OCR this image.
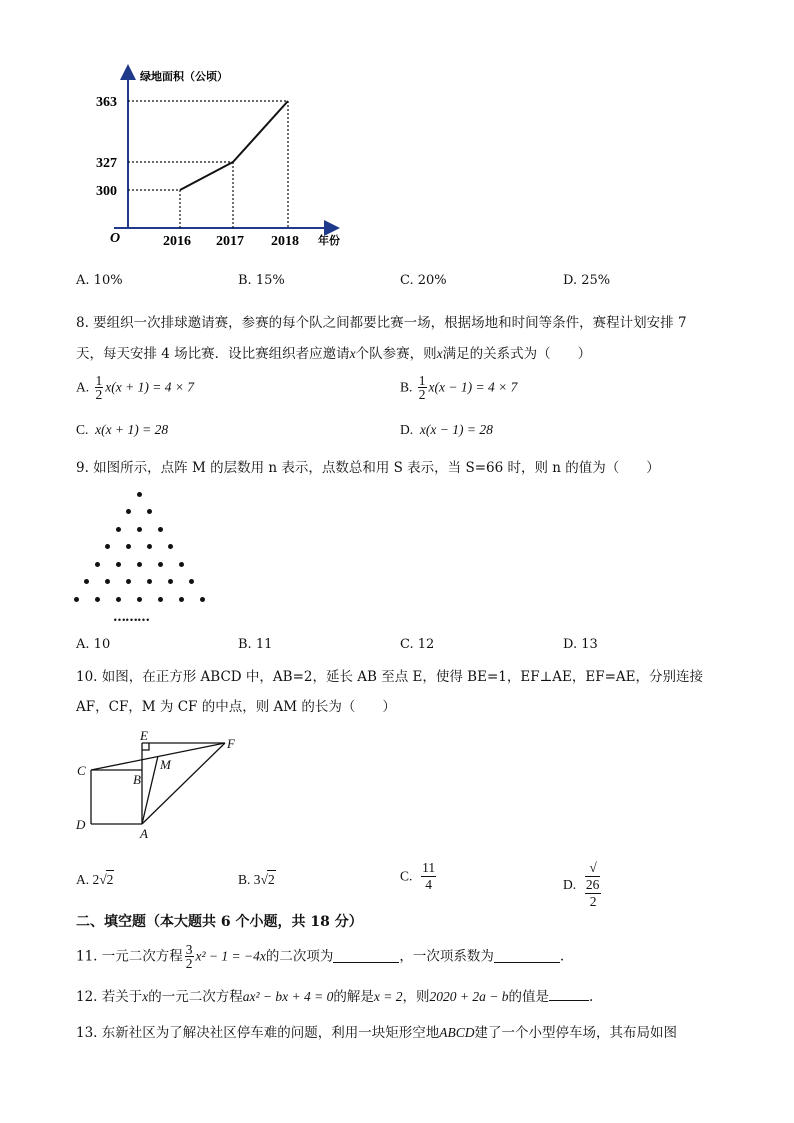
300
2016
327
2017
363
2018
绿地面积（公顷）
年份
O
A. 10%	B. 15%	C. 20%	D. 25%
8. 要组织一次排球邀请赛，参赛的每个队之间都要比赛一场，根据场地和时间等条件，赛程计划安排 7
天，每天安排 4 场比赛．设比赛组织者应邀请x个队参赛，则x满足的关系式为（　　）
A. $\frac{1}{2} x(x + 1) = 4 \times 7$	B. $\frac{1}{2} x(x - 1) = 4 \times 7$
C. x(x + 1) = 28	D. x(x − 1) = 28
9. 如图所示，点阵 M 的层数用 n 表示，点数总和用 S 表示，当 S=66 时，则 n 的值为（　　）
………
A. 10	B. 11	C. 12	D. 13
10. 如图，在正方形 ABCD 中，AB=2，延长 AB 至点 E，使得 BE=1，EF⊥AE，EF=AE，分别连接
AF，CF，M 为 CF 的中点，则 AM 的长为（　　）
E
F
C
B
M
D
A
A. 2√2	B. 3√2	C. $\frac{11}{4}$	D. √
26
2
二、填空题（本大题共 6 个小题，共 18 分）
11. 一元二次方程 $\frac{3}{2} x^2 - 1 = -4x$的二次项为	，一次项系数为	.
12. 若关于x的一元二次方程ax² − bx + 4 = 0的解是x = 2，则2020 + 2a − b的值是	.
13. 东新社区为了解决社区停车难的问题，利用一块矩形空地ABCD建了一个小型停车场，其布局如图
